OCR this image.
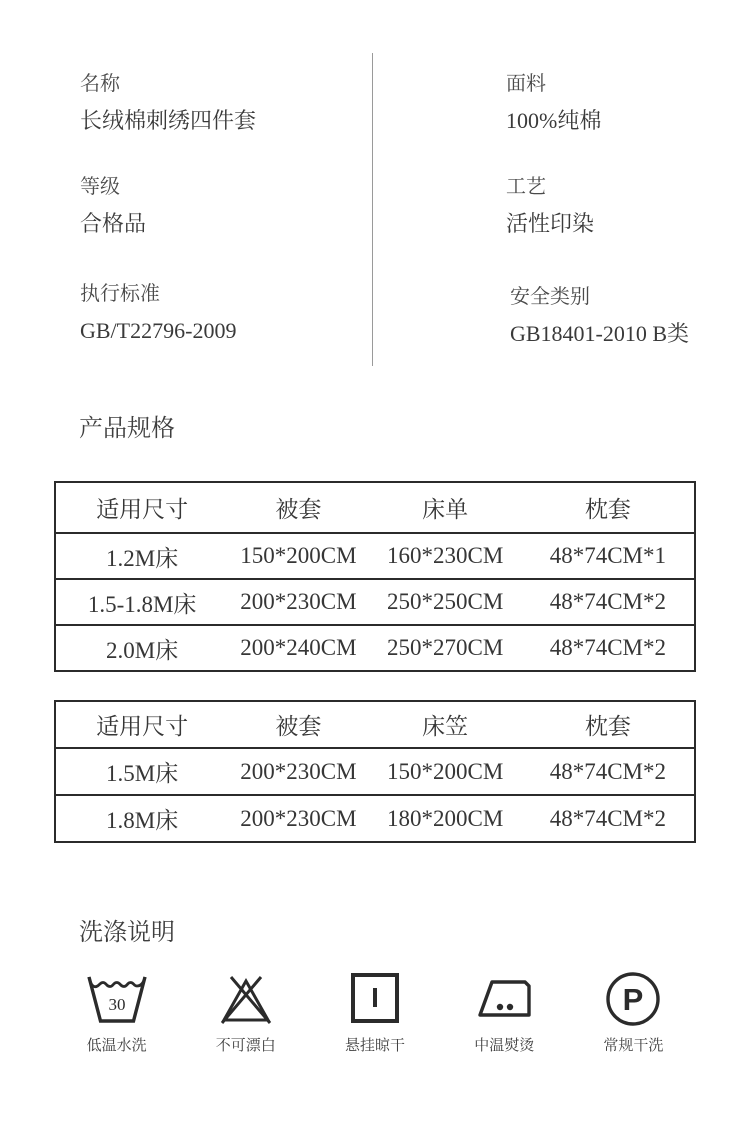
名称
长绒棉刺绣四件套
等级
合格品
执行标准
GB/T22796-2009
面料
100%纯棉
工艺
活性印染
安全类别
GB18401-2010 B类
产品规格
适用尺寸	被套	床单	枕套
1.2M床	150*200CM	160*230CM	48*74CM*1
1.5-1.8M床	200*230CM	250*250CM	48*74CM*2
2.0M床	200*240CM	250*270CM	48*74CM*2
适用尺寸	被套	床笠	枕套
1.5M床	200*230CM	150*200CM	48*74CM*2
1.8M床	200*230CM	180*200CM	48*74CM*2
洗涤说明
30
低温水洗	不可漂白	悬挂晾干	中温熨烫
P
常规干洗
